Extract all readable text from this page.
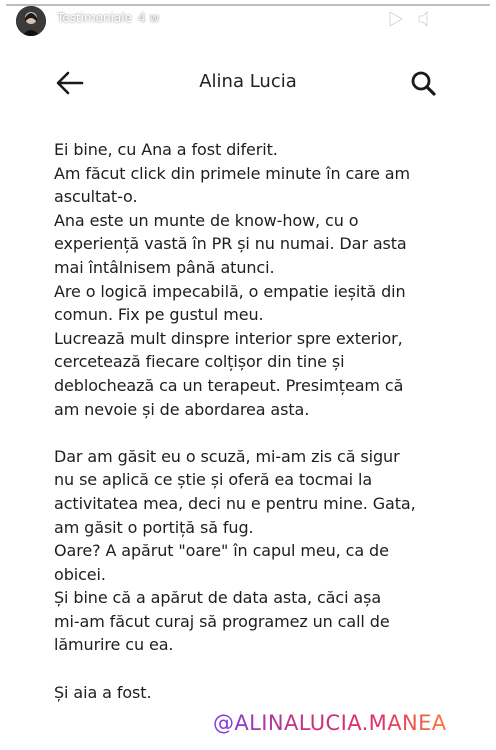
Testimoniale 4 w
Alina Lucia
Ei bine, cu Ana a fost diferit.
Am făcut click din primele minute în care am
ascultat-o.
Ana este un munte de know-how, cu o
experiență vastă în PR și nu numai. Dar asta
mai întâlnisem până atunci.
Are o logică impecabilă, o empatie ieșită din
comun. Fix pe gustul meu.
Lucrează mult dinspre interior spre exterior,
cercetează fiecare colțișor din tine și
deblochează ca un terapeut. Presimțeam că
am nevoie și de abordarea asta.
Dar am găsit eu o scuză, mi-am zis că sigur
nu se aplică ce știe și oferă ea tocmai la
activitatea mea, deci nu e pentru mine. Gata,
am găsit o portiță să fug.
Oare? A apărut "oare" în capul meu, ca de
obicei.
Și bine că a apărut de data asta, căci așa
mi-am făcut curaj să programez un call de
lămurire cu ea.
Și aia a fost.
@ALINALUCIA.MANEA
